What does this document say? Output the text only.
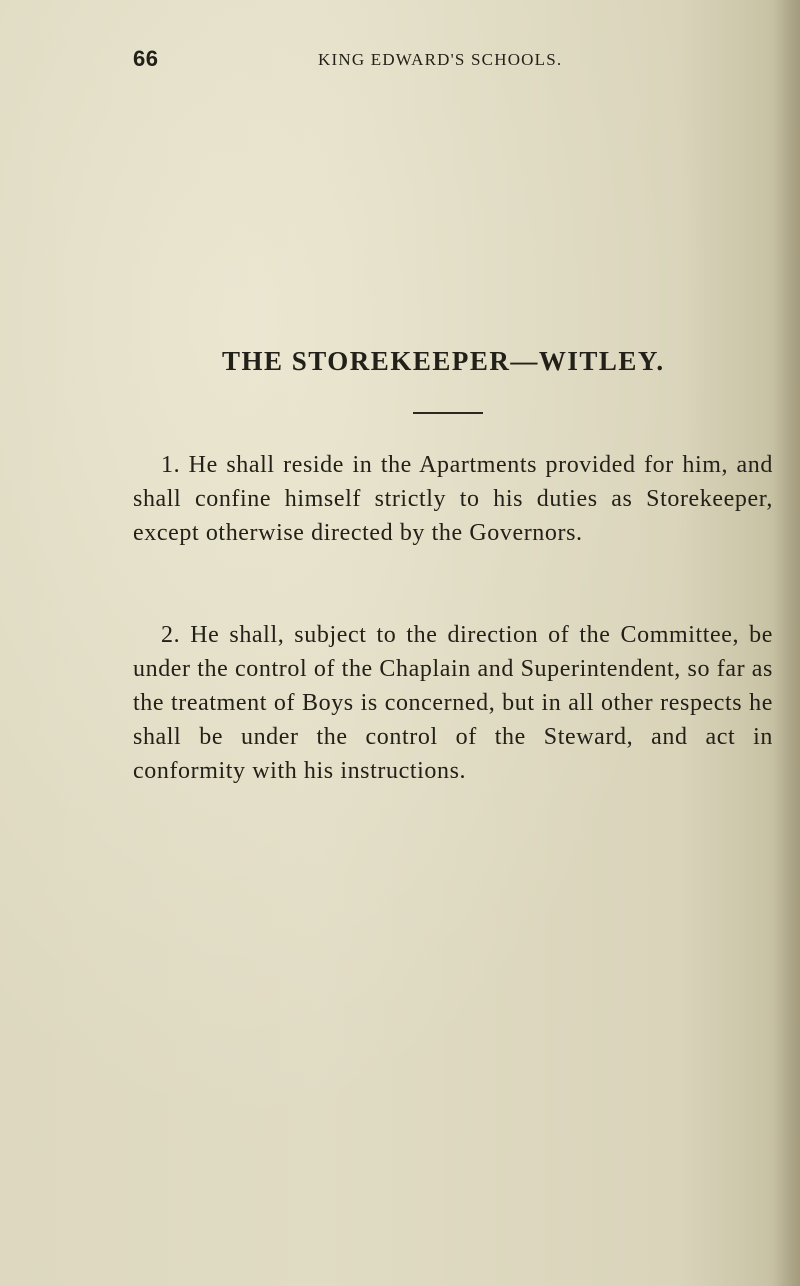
66	KING EDWARD'S SCHOOLS.
THE STOREKEEPER—WITLEY.

1. He shall reside in the Apartments provided for him, and shall confine himself strictly to his duties as Storekeeper, except otherwise directed by the Governors.

2. He shall, subject to the direction of the Committee, be under the control of the Chaplain and Superintendent, so far as the treatment of Boys is concerned, but in all other respects he shall be under the control of the Steward, and act in conformity with his instructions.
